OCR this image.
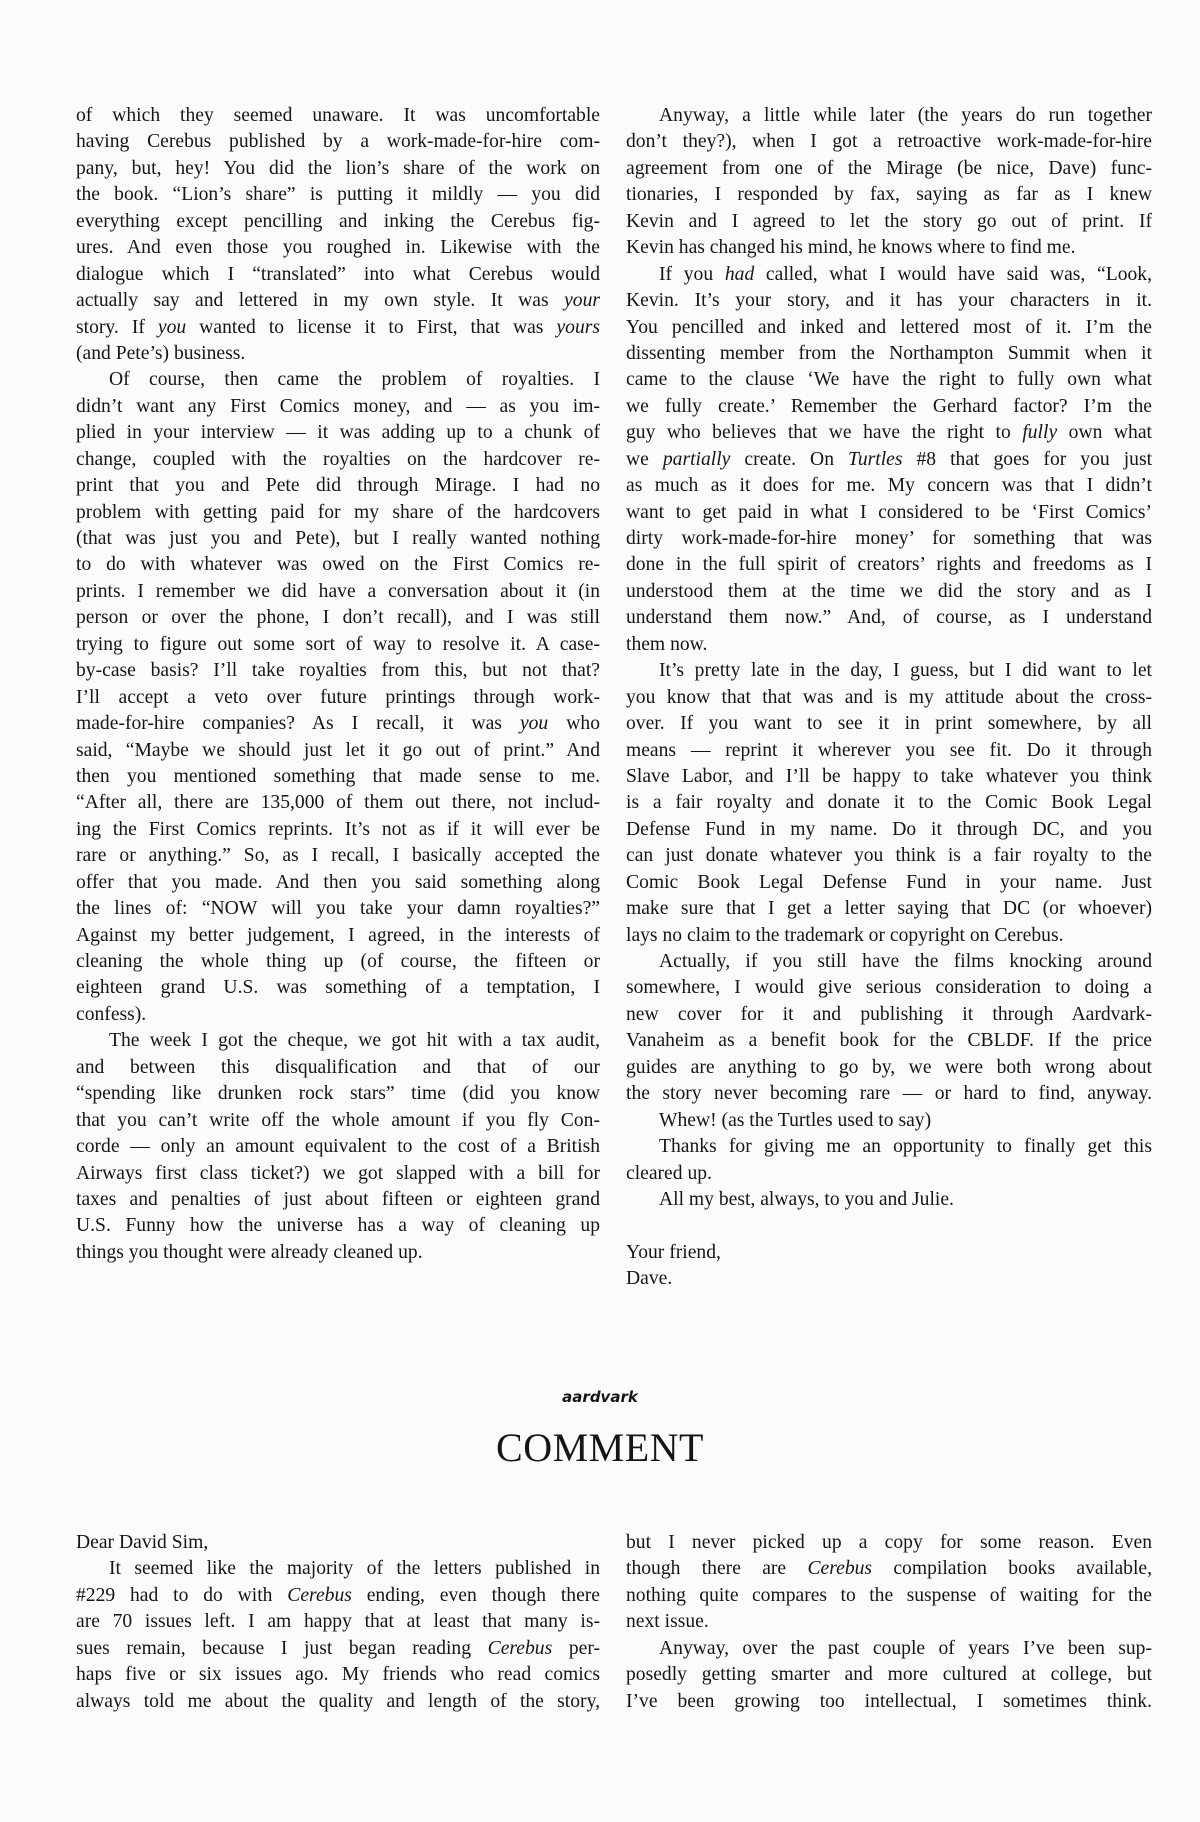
of which they seemed unaware. It was uncomfortable
having Cerebus published by a work-made-for-hire com-
pany, but, hey! You did the lion’s share of the work on
the book. “Lion’s share” is putting it mildly — you did
everything except pencilling and inking the Cerebus fig-
ures. And even those you roughed in. Likewise with the
dialogue which I “translated” into what Cerebus would
actually say and lettered in my own style. It was your
story. If you wanted to license it to First, that was yours
(and Pete’s) business.
Of course, then came the problem of royalties. I
didn’t want any First Comics money, and — as you im-
plied in your interview — it was adding up to a chunk of
change, coupled with the royalties on the hardcover re-
print that you and Pete did through Mirage. I had no
problem with getting paid for my share of the hardcovers
(that was just you and Pete), but I really wanted nothing
to do with whatever was owed on the First Comics re-
prints. I remember we did have a conversation about it (in
person or over the phone, I don’t recall), and I was still
trying to figure out some sort of way to resolve it. A case-
by-case basis? I’ll take royalties from this, but not that?
I’ll accept a veto over future printings through work-
made-for-hire companies? As I recall, it was you who
said, “Maybe we should just let it go out of print.” And
then you mentioned something that made sense to me.
“After all, there are 135,000 of them out there, not includ-
ing the First Comics reprints. It’s not as if it will ever be
rare or anything.” So, as I recall, I basically accepted the
offer that you made. And then you said something along
the lines of: “NOW will you take your damn royalties?”
Against my better judgement, I agreed, in the interests of
cleaning the whole thing up (of course, the fifteen or
eighteen grand U.S. was something of a temptation, I
confess).
The week I got the cheque, we got hit with a tax audit,
and between this disqualification and that of our
“spending like drunken rock stars” time (did you know
that you can’t write off the whole amount if you fly Con-
corde — only an amount equivalent to the cost of a British
Airways first class ticket?) we got slapped with a bill for
taxes and penalties of just about fifteen or eighteen grand
U.S. Funny how the universe has a way of cleaning up
things you thought were already cleaned up.
Anyway, a little while later (the years do run together
don’t they?), when I got a retroactive work-made-for-hire
agreement from one of the Mirage (be nice, Dave) func-
tionaries, I responded by fax, saying as far as I knew
Kevin and I agreed to let the story go out of print. If
Kevin has changed his mind, he knows where to find me.
If you had called, what I would have said was, “Look,
Kevin. It’s your story, and it has your characters in it.
You pencilled and inked and lettered most of it. I’m the
dissenting member from the Northampton Summit when it
came to the clause ‘We have the right to fully own what
we fully create.’ Remember the Gerhard factor? I’m the
guy who believes that we have the right to fully own what
we partially create. On Turtles #8 that goes for you just
as much as it does for me. My concern was that I didn’t
want to get paid in what I considered to be ‘First Comics’
dirty work-made-for-hire money’ for something that was
done in the full spirit of creators’ rights and freedoms as I
understood them at the time we did the story and as I
understand them now.” And, of course, as I understand
them now.
It’s pretty late in the day, I guess, but I did want to let
you know that that was and is my attitude about the cross-
over. If you want to see it in print somewhere, by all
means — reprint it wherever you see fit. Do it through
Slave Labor, and I’ll be happy to take whatever you think
is a fair royalty and donate it to the Comic Book Legal
Defense Fund in my name. Do it through DC, and you
can just donate whatever you think is a fair royalty to the
Comic Book Legal Defense Fund in your name. Just
make sure that I get a letter saying that DC (or whoever)
lays no claim to the trademark or copyright on Cerebus.
Actually, if you still have the films knocking around
somewhere, I would give serious consideration to doing a
new cover for it and publishing it through Aardvark-
Vanaheim as a benefit book for the CBLDF. If the price
guides are anything to go by, we were both wrong about
the story never becoming rare — or hard to find, anyway.
Whew! (as the Turtles used to say)
Thanks for giving me an opportunity to finally get this
cleared up.
All my best, always, to you and Julie.
Your friend,
Dave.
aardvark
COMMENT
Dear David Sim,
It seemed like the majority of the letters published in
#229 had to do with Cerebus ending, even though there
are 70 issues left. I am happy that at least that many is-
sues remain, because I just began reading Cerebus per-
haps five or six issues ago. My friends who read comics
always told me about the quality and length of the story,
but I never picked up a copy for some reason. Even
though there are Cerebus compilation books available,
nothing quite compares to the suspense of waiting for the
next issue.
Anyway, over the past couple of years I’ve been sup-
posedly getting smarter and more cultured at college, but
I’ve been growing too intellectual, I sometimes think.
